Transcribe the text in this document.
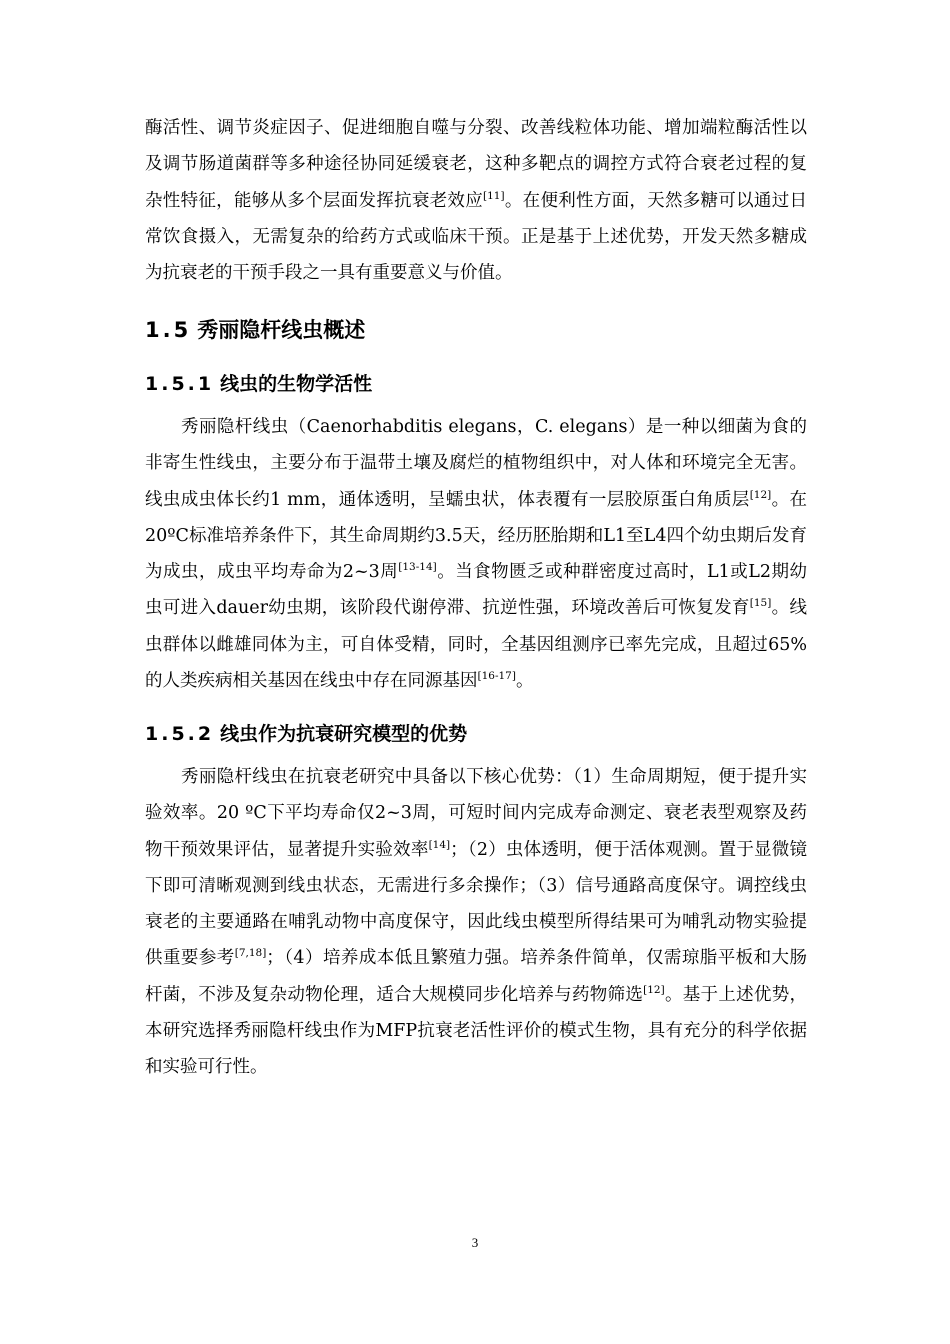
酶活性、调节炎症因子、促进细胞自噬与分裂、改善线粒体功能、增加端粒酶活性以及调节肠道菌群等多种途径协同延缓衰老，这种多靶点的调控方式符合衰老过程的复杂性特征，能够从多个层面发挥抗衰老效应[11]。在便利性方面，天然多糖可以通过日常饮食摄入，无需复杂的给药方式或临床干预。正是基于上述优势，开发天然多糖成为抗衰老的干预手段之一具有重要意义与价值。

1.5 秀丽隐杆线虫概述
1.5.1 线虫的生物学活性

秀丽隐杆线虫（Caenorhabditis elegans，C. elegans）是一种以细菌为食的非寄生性线虫，主要分布于温带土壤及腐烂的植物组织中，对人体和环境完全无害。线虫成虫体长约1 mm，通体透明，呈蠕虫状，体表覆有一层胶原蛋白角质层[12]。在20ºC标准培养条件下，其生命周期约3.5天，经历胚胎期和L1至L4四个幼虫期后发育为成虫，成虫平均寿命为2~3周[13-14]。当食物匮乏或种群密度过高时，L1或L2期幼虫可进入dauer幼虫期，该阶段代谢停滞、抗逆性强，环境改善后可恢复发育[15]。线虫群体以雌雄同体为主，可自体受精，同时，全基因组测序已率先完成，且超过65%的人类疾病相关基因在线虫中存在同源基因[16-17]。

1.5.2 线虫作为抗衰研究模型的优势

秀丽隐杆线虫在抗衰老研究中具备以下核心优势：（1）生命周期短，便于提升实验效率。20 ºC下平均寿命仅2~3周，可短时间内完成寿命测定、衰老表型观察及药物干预效果评估，显著提升实验效率[14]；（2）虫体透明，便于活体观测。置于显微镜下即可清晰观测到线虫状态，无需进行多余操作；（3）信号通路高度保守。调控线虫衰老的主要通路在哺乳动物中高度保守，因此线虫模型所得结果可为哺乳动物实验提供重要参考[7,18]；（4）培养成本低且繁殖力强。培养条件简单，仅需琼脂平板和大肠杆菌，不涉及复杂动物伦理，适合大规模同步化培养与药物筛选[12]。基于上述优势，本研究选择秀丽隐杆线虫作为MFP抗衰老活性评价的模式生物，具有充分的科学依据和实验可行性。

3
